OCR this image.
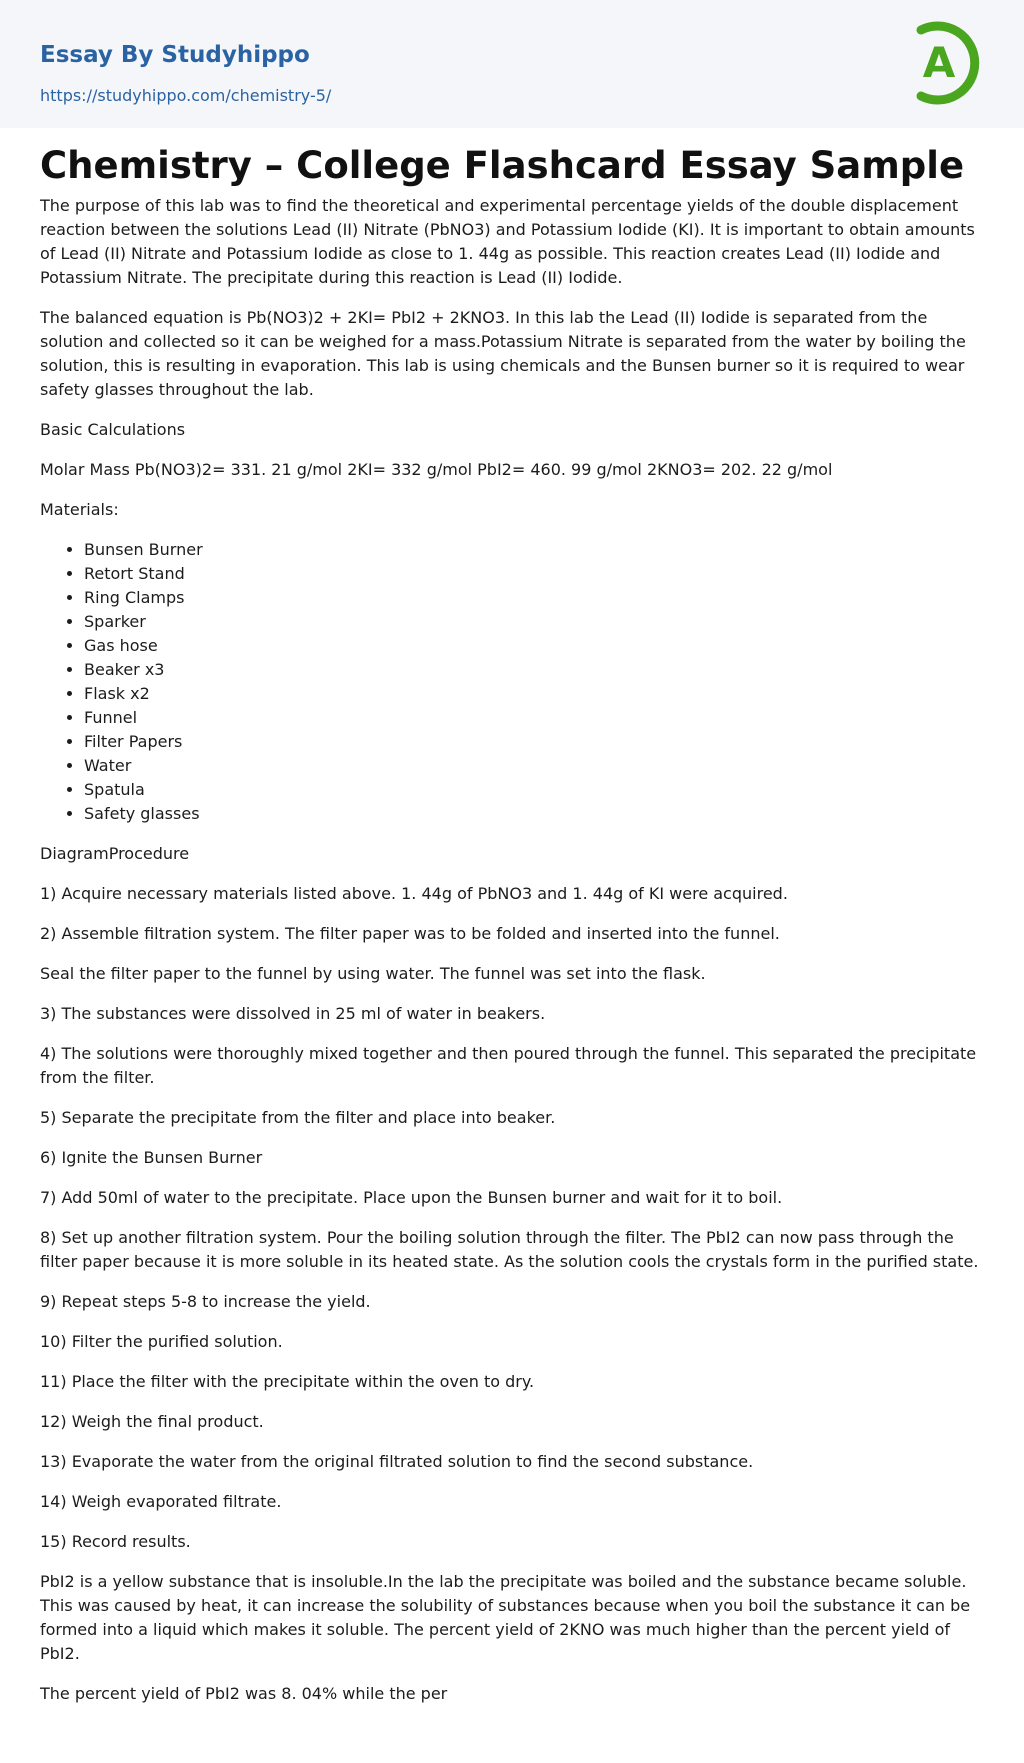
Essay By Studyhippo
https://studyhippo.com/chemistry-5/
A
Chemistry – College Flashcard Essay Sample

The purpose of this lab was to find the theoretical and experimental percentage yields of the double displacement reaction between the solutions Lead (II) Nitrate (PbNO3) and Potassium Iodide (KI). It is important to obtain amounts of Lead (II) Nitrate and Potassium Iodide as close to 1. 44g as possible. This reaction creates Lead (II) Iodide and Potassium Nitrate. The precipitate during this reaction is Lead (II) Iodide.

The balanced equation is Pb(NO3)2 + 2KI= PbI2 + 2KNO3. In this lab the Lead (II) Iodide is separated from the solution and collected so it can be weighed for a mass.Potassium Nitrate is separated from the water by boiling the solution, this is resulting in evaporation. This lab is using chemicals and the Bunsen burner so it is required to wear safety glasses throughout the lab.

Basic Calculations

Molar Mass Pb(NO3)2= 331. 21 g/mol 2KI= 332 g/mol PbI2= 460. 99 g/mol 2KNO3= 202. 22 g/mol

Materials:

• Bunsen Burner
• Retort Stand
• Ring Clamps
• Sparker
• Gas hose
• Beaker x3
• Flask x2
• Funnel
• Filter Papers
• Water
• Spatula
• Safety glasses

DiagramProcedure

1) Acquire necessary materials listed above. 1. 44g of PbNO3 and 1. 44g of KI were acquired.

2) Assemble filtration system. The filter paper was to be folded and inserted into the funnel.

Seal the filter paper to the funnel by using water. The funnel was set into the flask.

3) The substances were dissolved in 25 ml of water in beakers.

4) The solutions were thoroughly mixed together and then poured through the funnel. This separated the precipitate from the filter.

5) Separate the precipitate from the filter and place into beaker.

6) Ignite the Bunsen Burner

7) Add 50ml of water to the precipitate. Place upon the Bunsen burner and wait for it to boil.

8) Set up another filtration system. Pour the boiling solution through the filter. The PbI2 can now pass through the filter paper because it is more soluble in its heated state. As the solution cools the crystals form in the purified state.

9) Repeat steps 5-8 to increase the yield.

10) Filter the purified solution.

11) Place the filter with the precipitate within the oven to dry.

12) Weigh the final product.

13) Evaporate the water from the original filtrated solution to find the second substance.

14) Weigh evaporated filtrate.

15) Record results.

PbI2 is a yellow substance that is insoluble.In the lab the precipitate was boiled and the substance became soluble. This was caused by heat, it can increase the solubility of substances because when you boil the substance it can be formed into a liquid which makes it soluble. The percent yield of 2KNO was much higher than the percent yield of PbI2.

The percent yield of PbI2 was 8. 04% while the per
